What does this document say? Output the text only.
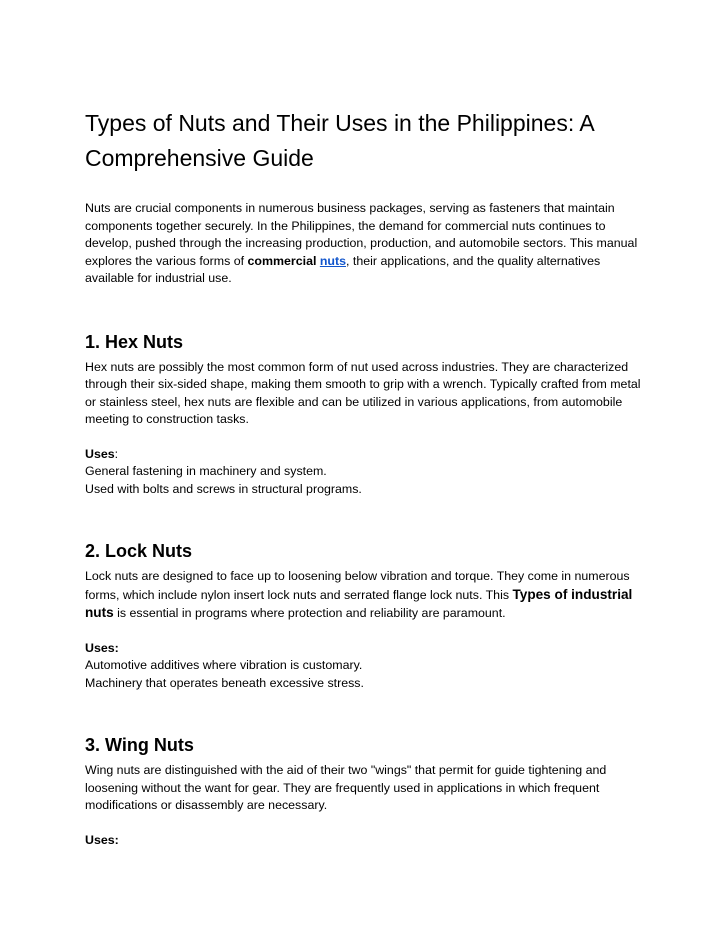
Types of Nuts and Their Uses in the Philippines: A Comprehensive Guide

Nuts are crucial components in numerous business packages, serving as fasteners that maintain components together securely. In the Philippines, the demand for commercial nuts continues to develop, pushed through the increasing production, production, and automobile sectors. This manual explores the various forms of commercial nuts, their applications, and the quality alternatives available for industrial use.

1. Hex Nuts

Hex nuts are possibly the most common form of nut used across industries. They are characterized through their six-sided shape, making them smooth to grip with a wrench. Typically crafted from metal or stainless steel, hex nuts are flexible and can be utilized in various applications, from automobile meeting to construction tasks.

Uses:
General fastening in machinery and system.
Used with bolts and screws in structural programs.

2. Lock Nuts

Lock nuts are designed to face up to loosening below vibration and torque. They come in numerous forms, which include nylon insert lock nuts and serrated flange lock nuts. This Types of industrial nuts is essential in programs where protection and reliability are paramount.

Uses:
Automotive additives where vibration is customary.
Machinery that operates beneath excessive stress.

3. Wing Nuts

Wing nuts are distinguished with the aid of their two "wings" that permit for guide tightening and loosening without the want for gear. They are frequently used in applications in which frequent modifications or disassembly are necessary.

Uses:
